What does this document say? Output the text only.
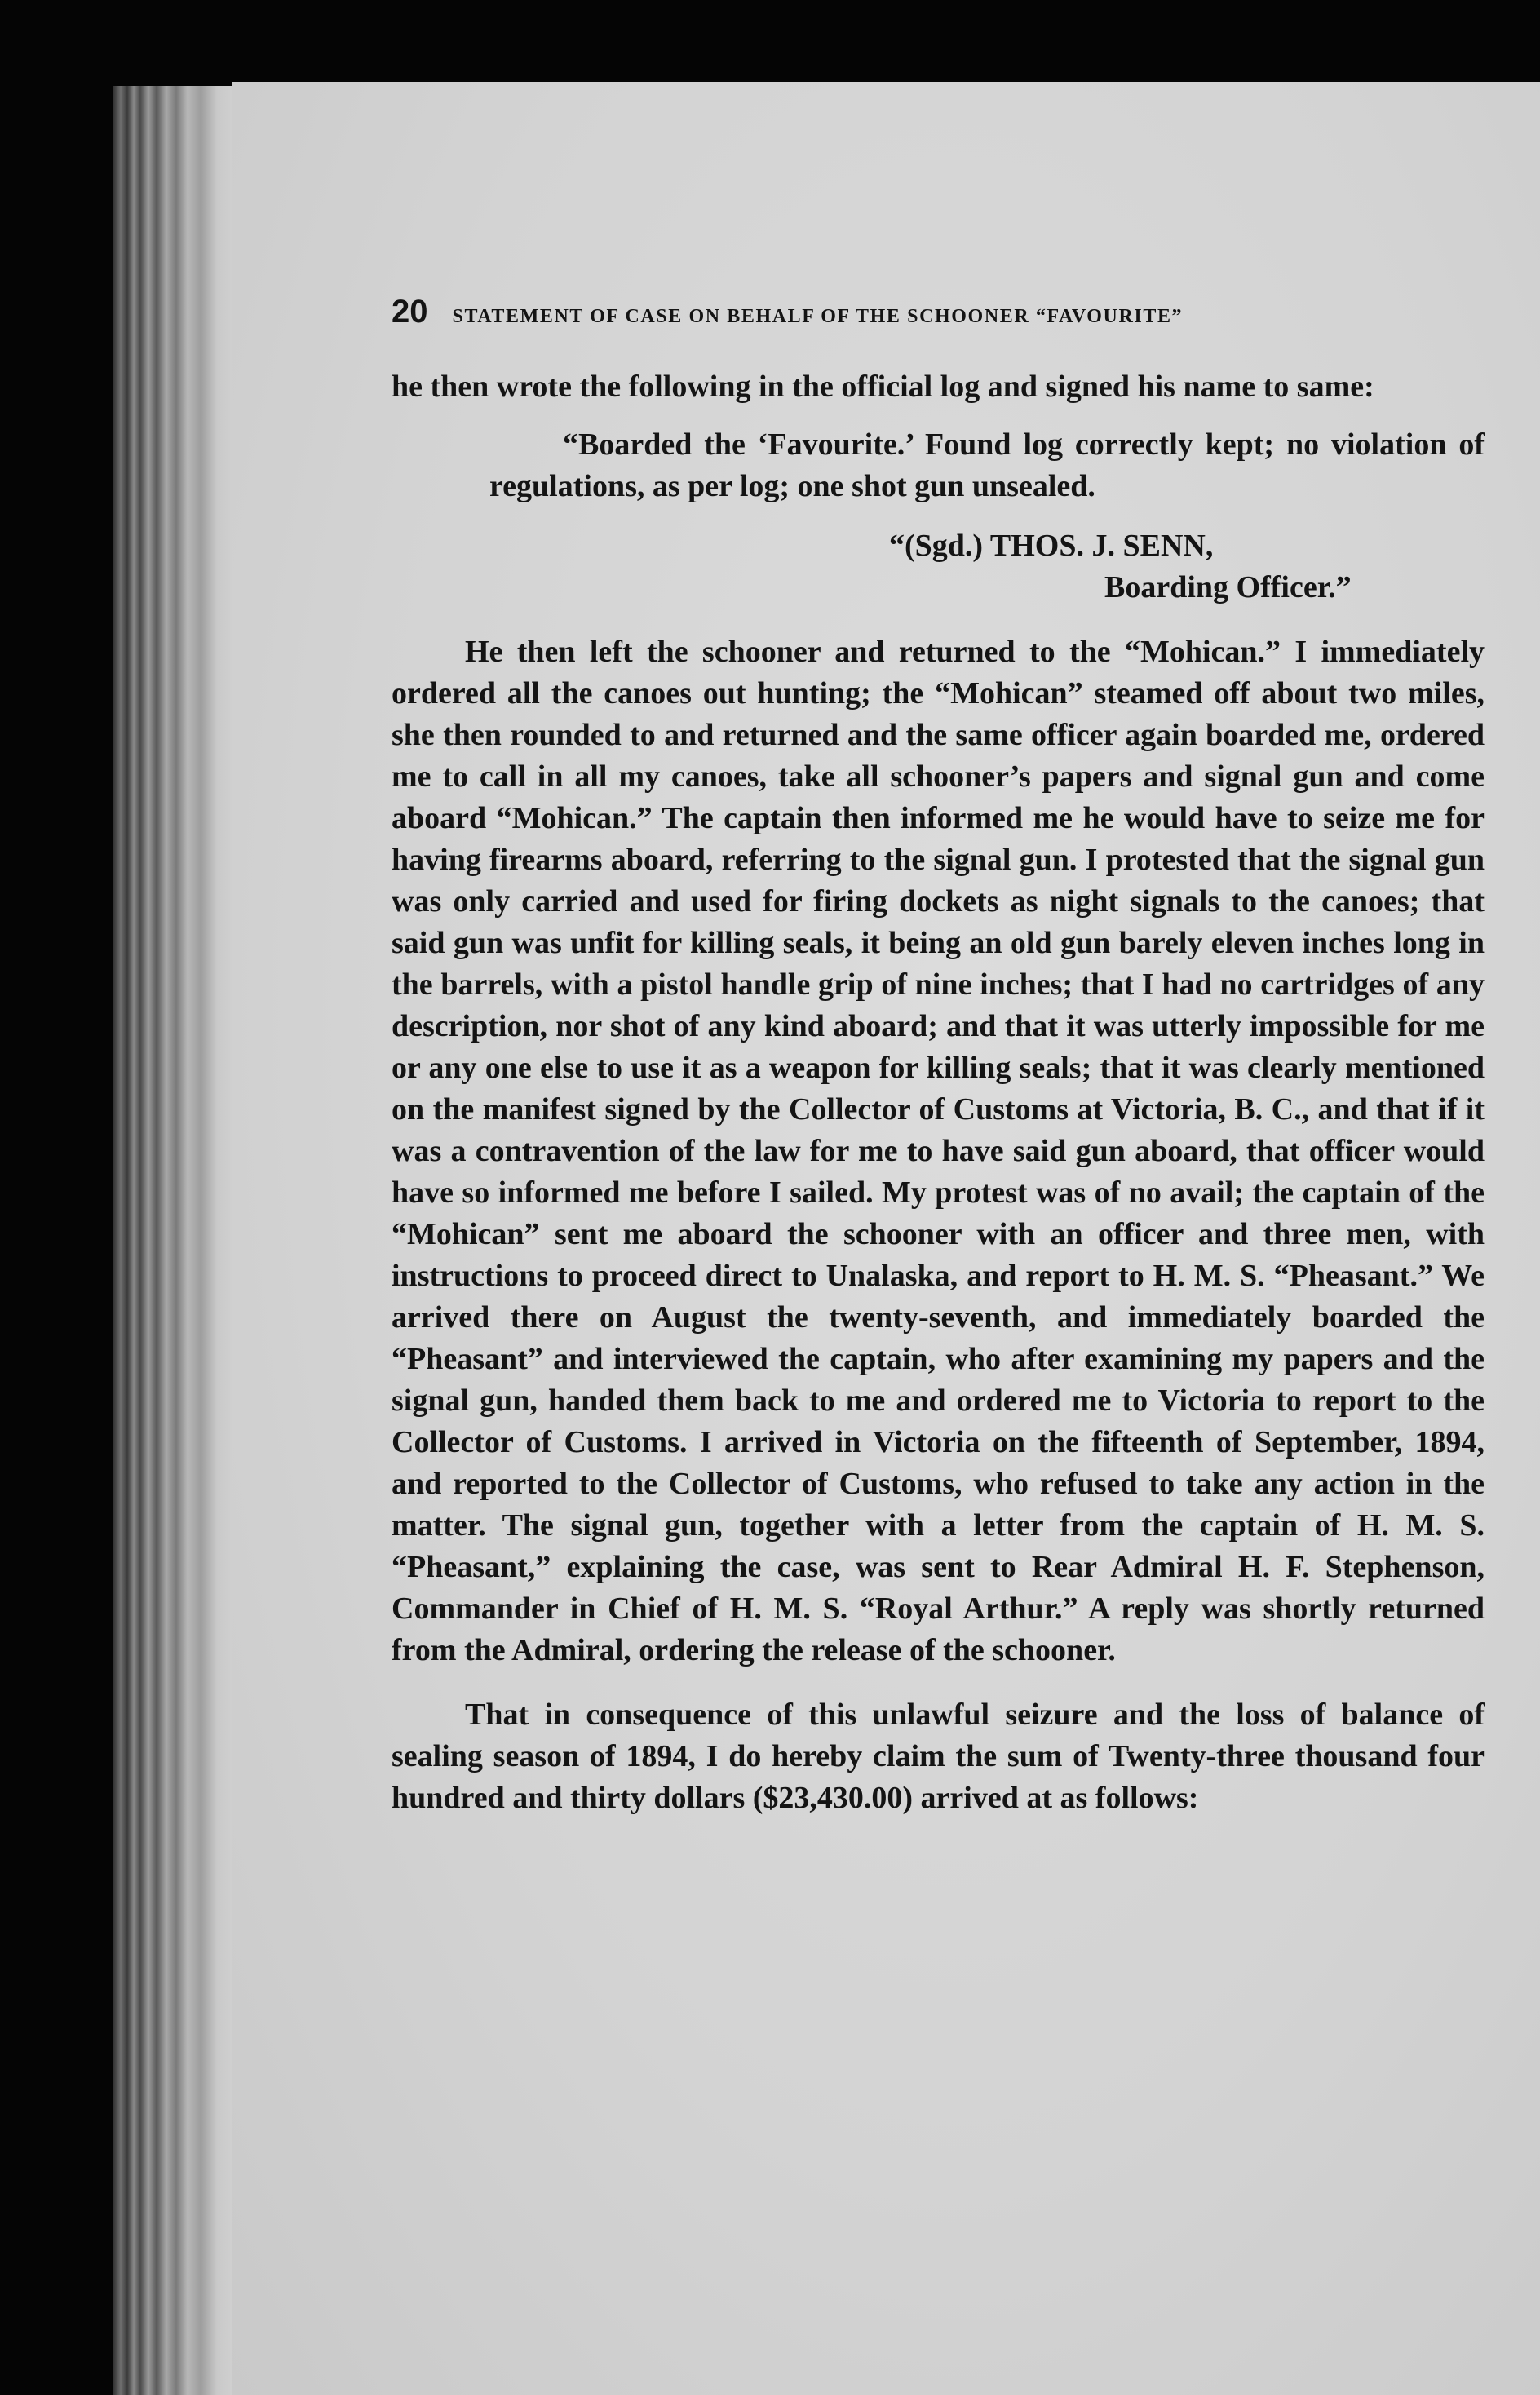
20 STATEMENT OF CASE ON BEHALF OF THE SCHOONER “FAVOURITE”

he then wrote the following in the official log and signed his name to same:

“Boarded the ‘Favourite.’ Found log correctly kept; no violation of regulations, as per log; one shot gun unsealed.

“(Sgd.) THOS. J. SENN,
Boarding Officer.”

He then left the schooner and returned to the “Mohican.” I immediately ordered all the canoes out hunting; the “Mohican” steamed off about two miles, she then rounded to and returned and the same officer again boarded me, ordered me to call in all my canoes, take all schooner’s papers and signal gun and come aboard “Mohican.” The captain then informed me he would have to seize me for having firearms aboard, referring to the signal gun. I protested that the signal gun was only carried and used for firing dockets as night signals to the canoes; that said gun was unfit for killing seals, it being an old gun barely eleven inches long in the barrels, with a pistol handle grip of nine inches; that I had no cartridges of any description, nor shot of any kind aboard; and that it was utterly impossible for me or any one else to use it as a weapon for killing seals; that it was clearly mentioned on the manifest signed by the Collector of Customs at Victoria, B. C., and that if it was a contravention of the law for me to have said gun aboard, that officer would have so informed me before I sailed. My protest was of no avail; the captain of the “Mohican” sent me aboard the schooner with an officer and three men, with instructions to proceed direct to Unalaska, and report to H. M. S. “Pheasant.” We arrived there on August the twenty-seventh, and immediately boarded the “Pheasant” and interviewed the captain, who after examining my papers and the signal gun, handed them back to me and ordered me to Victoria to report to the Collector of Customs. I arrived in Victoria on the fifteenth of September, 1894, and reported to the Collector of Customs, who refused to take any action in the matter. The signal gun, together with a letter from the captain of H. M. S. “Pheasant,” explaining the case, was sent to Rear Admiral H. F. Stephenson, Commander in Chief of H. M. S. “Royal Arthur.” A reply was shortly returned from the Admiral, ordering the release of the schooner.

That in consequence of this unlawful seizure and the loss of balance of sealing season of 1894, I do hereby claim the sum of Twenty-three thousand four hundred and thirty dollars ($23,430.00) arrived at as follows:
